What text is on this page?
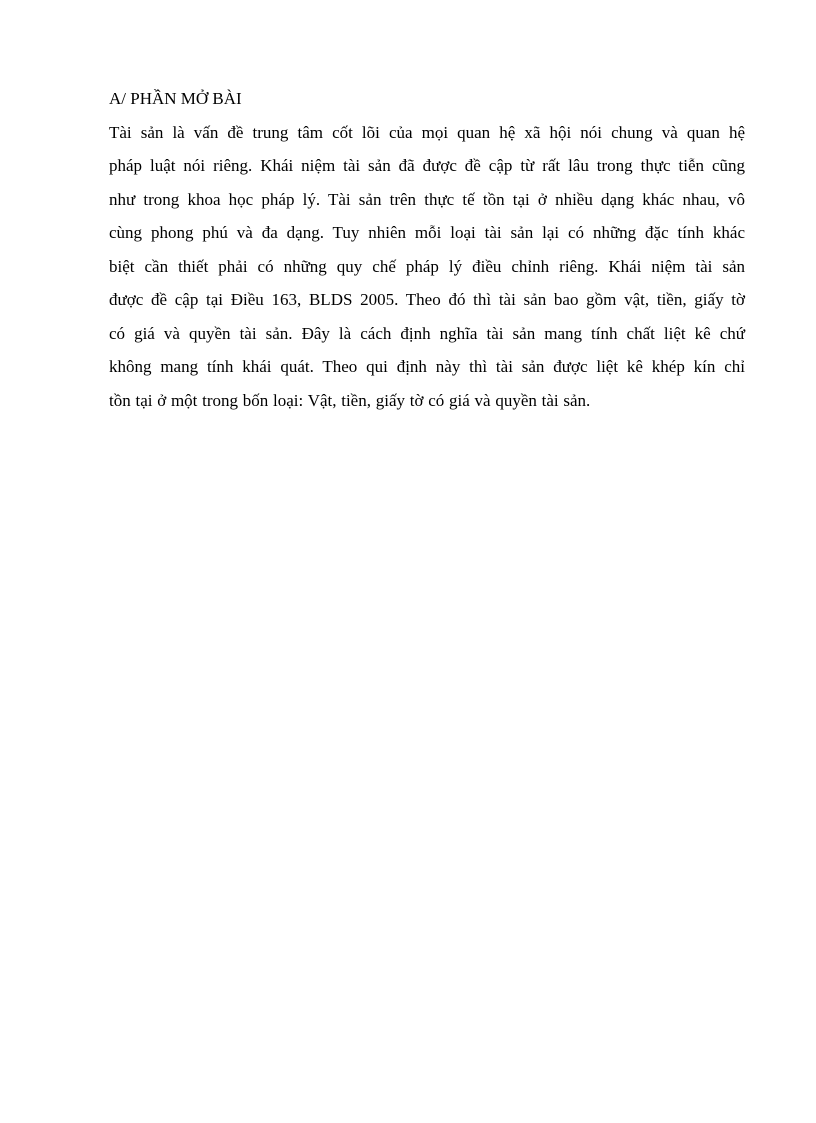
A/ PHẦN MỞ BÀI
Tài sản là vấn đề trung tâm cốt lõi của mọi quan hệ xã hội nói chung và quan hệ
pháp luật nói riêng. Khái niệm tài sản đã được đề cập từ rất lâu trong thực tiễn cũng
như trong khoa học pháp lý. Tài sản trên thực tế tồn tại ở nhiều dạng khác nhau, vô
cùng phong phú và đa dạng. Tuy nhiên mỗi loại tài sản lại có những đặc tính khác
biệt cần thiết phải có những quy chế pháp lý điều chỉnh riêng. Khái niệm tài sản
được đề cập tại Điều 163, BLDS 2005. Theo đó thì tài sản bao gồm vật, tiền, giấy tờ
có giá và quyền tài sản. Đây là cách định nghĩa tài sản mang tính chất liệt kê chứ
không mang tính khái quát. Theo qui định này thì tài sản được liệt kê khép kín chỉ
tồn tại ở một trong bốn loại: Vật, tiền, giấy tờ có giá và quyền tài sản.
